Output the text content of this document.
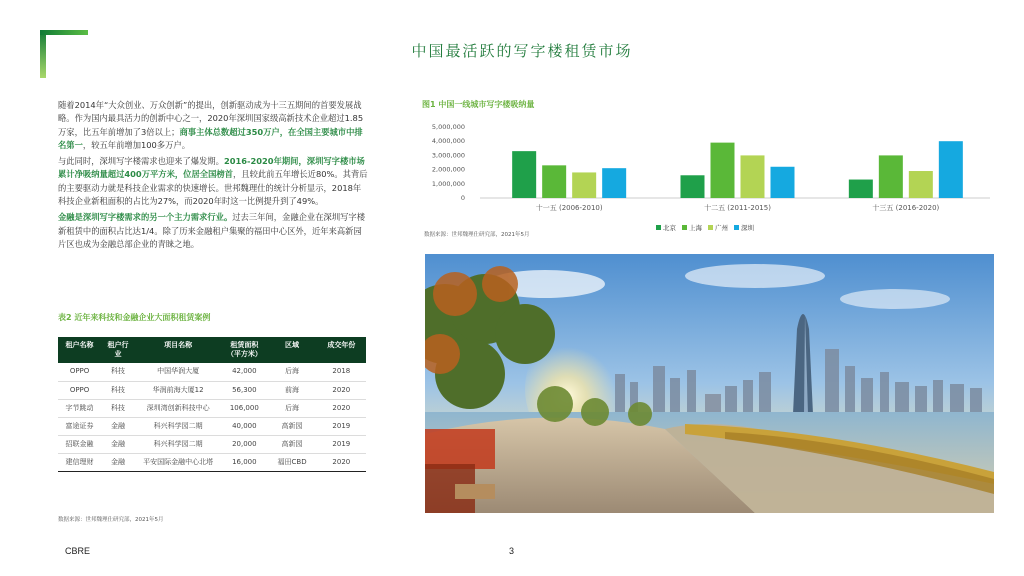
中国最活跃的写字楼租赁市场

随着2014年“大众创业、万众创新”的提出，创新驱动成为十三五期间的首要发展战略。作为国内最具活力的创新中心之一，2020年深圳国家级高新技术企业超过1.85万家，比五年前增加了3倍以上；商事主体总数超过350万户，在全国主要城市中排名第一，较五年前增加100多万户。

与此同时，深圳写字楼需求也迎来了爆发期。2016-2020年期间，深圳写字楼市场累计净吸纳量超过400万平方米，位居全国榜首，且较此前五年增长近80%。其背后的主要驱动力就是科技企业需求的快速增长。世邦魏理仕的统计分析显示，2018年科技企业新租面积的占比为27%，而2020年时这一比例提升到了49%。

金融是深圳写字楼需求的另一个主力需求行业。过去三年间，金融企业在深圳写字楼新租赁中的面积占比达1/4。除了历来金融租户集聚的福田中心区外，近年来高新园片区也成为金融总部企业的青睐之地。

表2 近年来科技和金融企业大面积租赁案例
租户名称	租户行业	项目名称	租赁面积（平方米）	区域	成交年份
OPPO	科技	中国华润大厦	42,000	后海	2018
OPPO	科技	华润前海大厦12	56,300	前海	2020
字节跳动	科技	深圳湾创新科技中心	106,000	后海	2020
富途证券	金融	科兴科学园二期	40,000	高新园	2019
招联金融	金融	科兴科学园二期	20,000	高新园	2019
建信理财	金融	平安国际金融中心北塔	16,000	福田CBD	2020
数据来源：世邦魏理仕研究部，2021年5月
图1 中国一线城市写字楼吸纳量
5,000,000
4,000,000
3,000,000
2,000,000
1,000,000
0
十一五 (2006-2010)	十二五 (2011-2015)	十三五 (2016-2020)
北京 上海 广州 深圳
数据来源：世邦魏理仕研究部，2021年5月
CBRE	3
